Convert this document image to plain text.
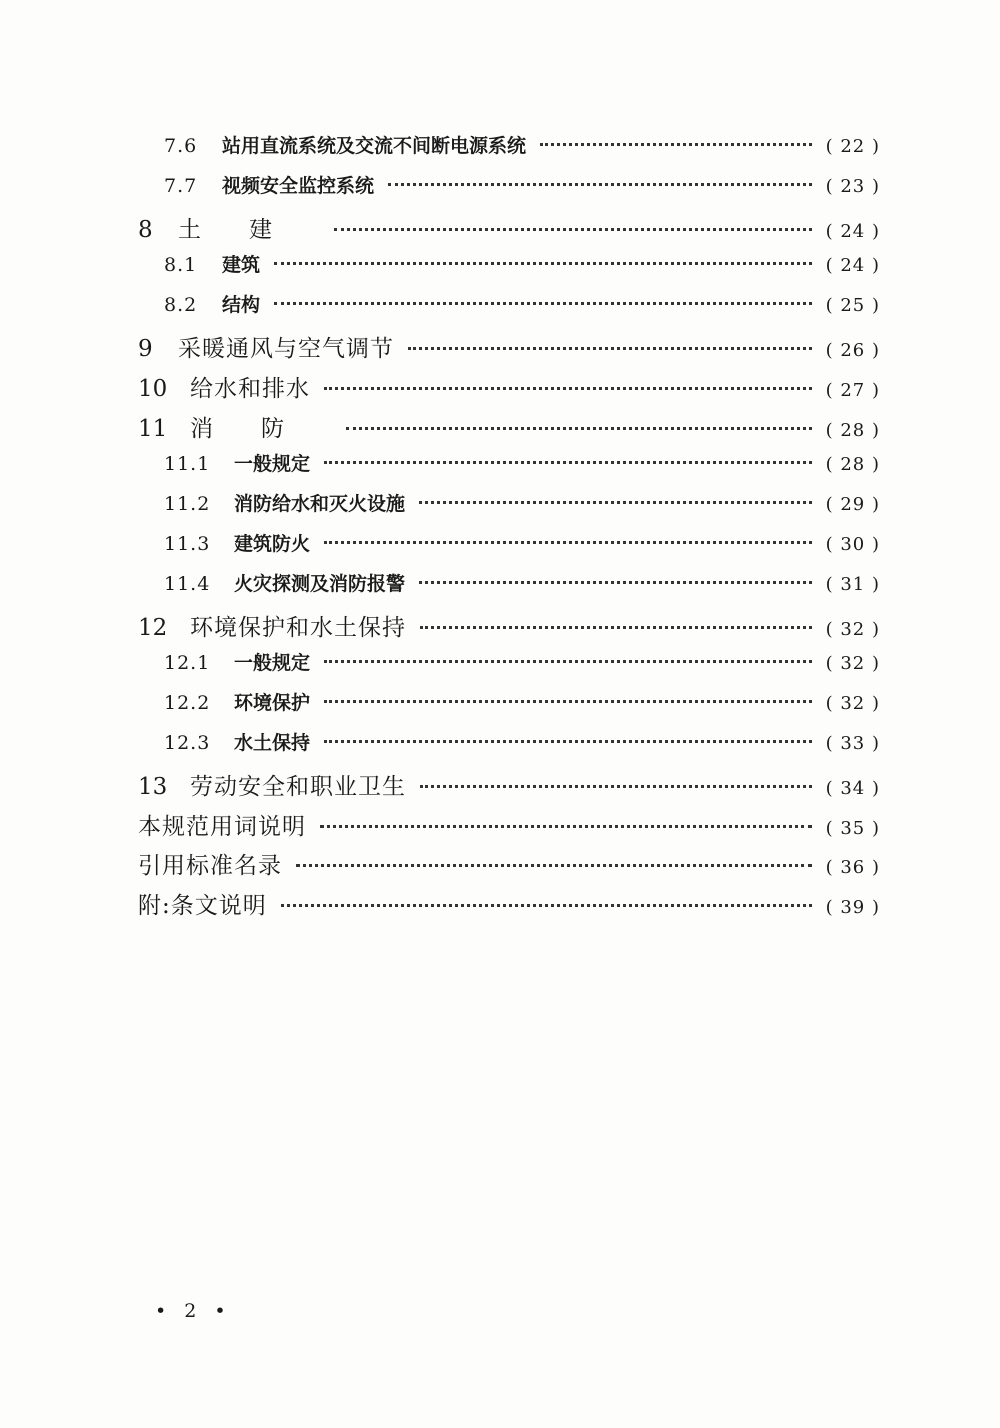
7.6	站用直流系统及交流不间断电源系统	( 22 )
7.7	视频安全监控系统	( 23 )
8	土建	( 24 )
8.1	建筑	( 24 )
8.2	结构	( 25 )
9	采暖通风与空气调节	( 26 )
10 给水和排水	( 27 )
11 消防	( 28 )
11.1	一般规定	( 28 )
11.2	消防给水和灭火设施	( 29 )
11.3	建筑防火	( 30 )
11.4	火灾探测及消防报警	( 31 )
12 环境保护和水土保持	( 32 )
12.1	一般规定	( 32 )
12.2	环境保护	( 32 )
12.3	水土保持	( 33 )
13 劳动安全和职业卫生	( 34 )
本规范用词说明	( 35 )
引用标准名录	( 36 )
附:条文说明	( 39 )
• 2 •
